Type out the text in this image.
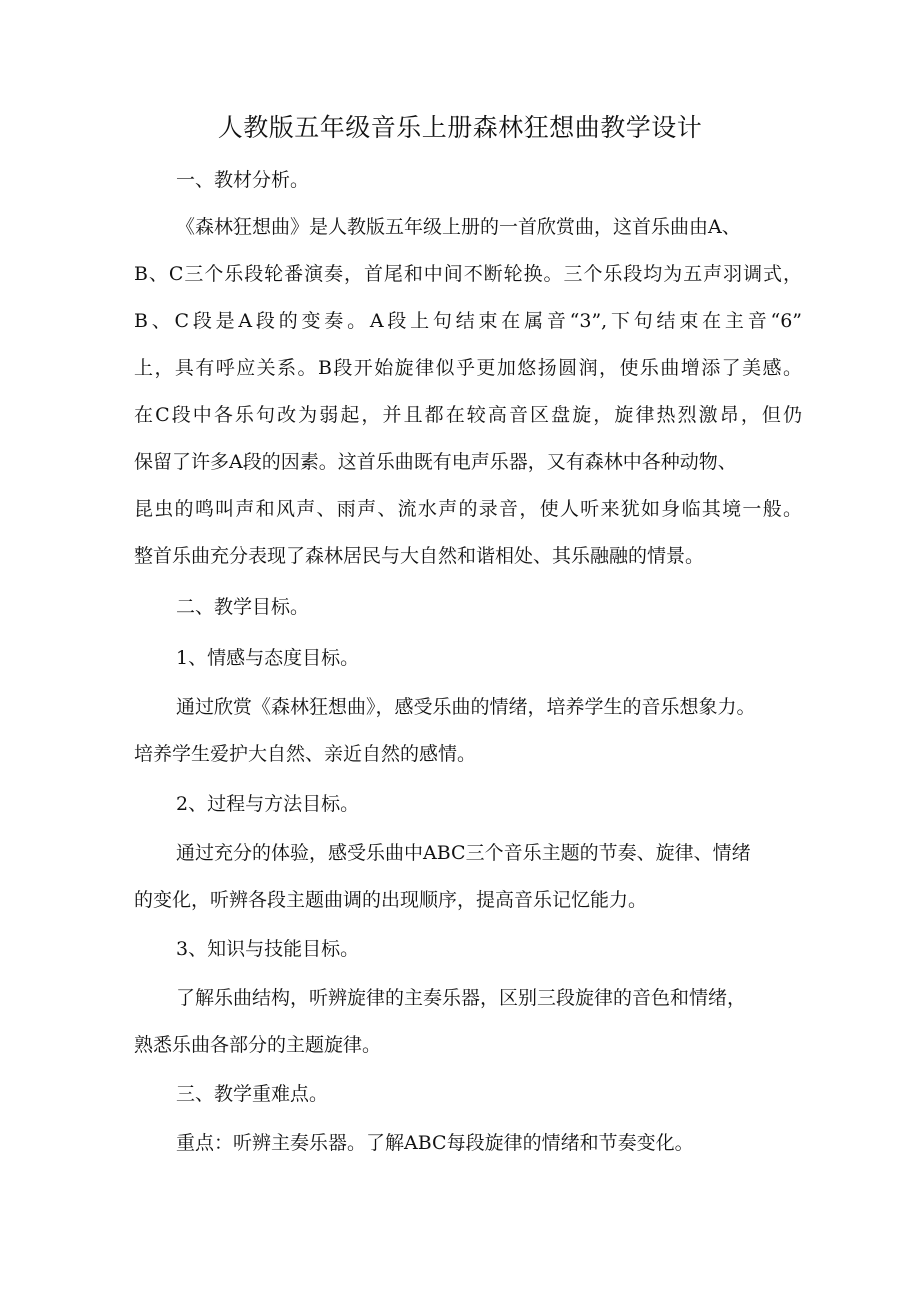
人教版五年级音乐上册森林狂想曲教学设计

一、教材分析。

《森林狂想曲》是人教版五年级上册的一首欣赏曲，这首乐曲由A、

B、C三个乐段轮番演奏，首尾和中间不断轮换。三个乐段均为五声羽调式，

B、C段是A段的变奏。A段上句结束在属音“3”,下句结束在主音“6”

上，具有呼应关系。B段开始旋律似乎更加悠扬圆润，使乐曲增添了美感。

在C段中各乐句改为弱起，并且都在较高音区盘旋，旋律热烈激昂，但仍

保留了许多A段的因素。这首乐曲既有电声乐器，又有森林中各种动物、

昆虫的鸣叫声和风声、雨声、流水声的录音，使人听来犹如身临其境一般。

整首乐曲充分表现了森林居民与大自然和谐相处、其乐融融的情景。

二、教学目标。

1、情感与态度目标。

通过欣赏《森林狂想曲》，感受乐曲的情绪，培养学生的音乐想象力。

培养学生爱护大自然、亲近自然的感情。

2、过程与方法目标。

通过充分的体验，感受乐曲中ABC三个音乐主题的节奏、旋律、情绪

的变化，听辨各段主题曲调的出现顺序，提高音乐记忆能力。

3、知识与技能目标。

了解乐曲结构，听辨旋律的主奏乐器，区别三段旋律的音色和情绪，

熟悉乐曲各部分的主题旋律。

三、教学重难点。

重点：听辨主奏乐器。了解ABC每段旋律的情绪和节奏变化。
